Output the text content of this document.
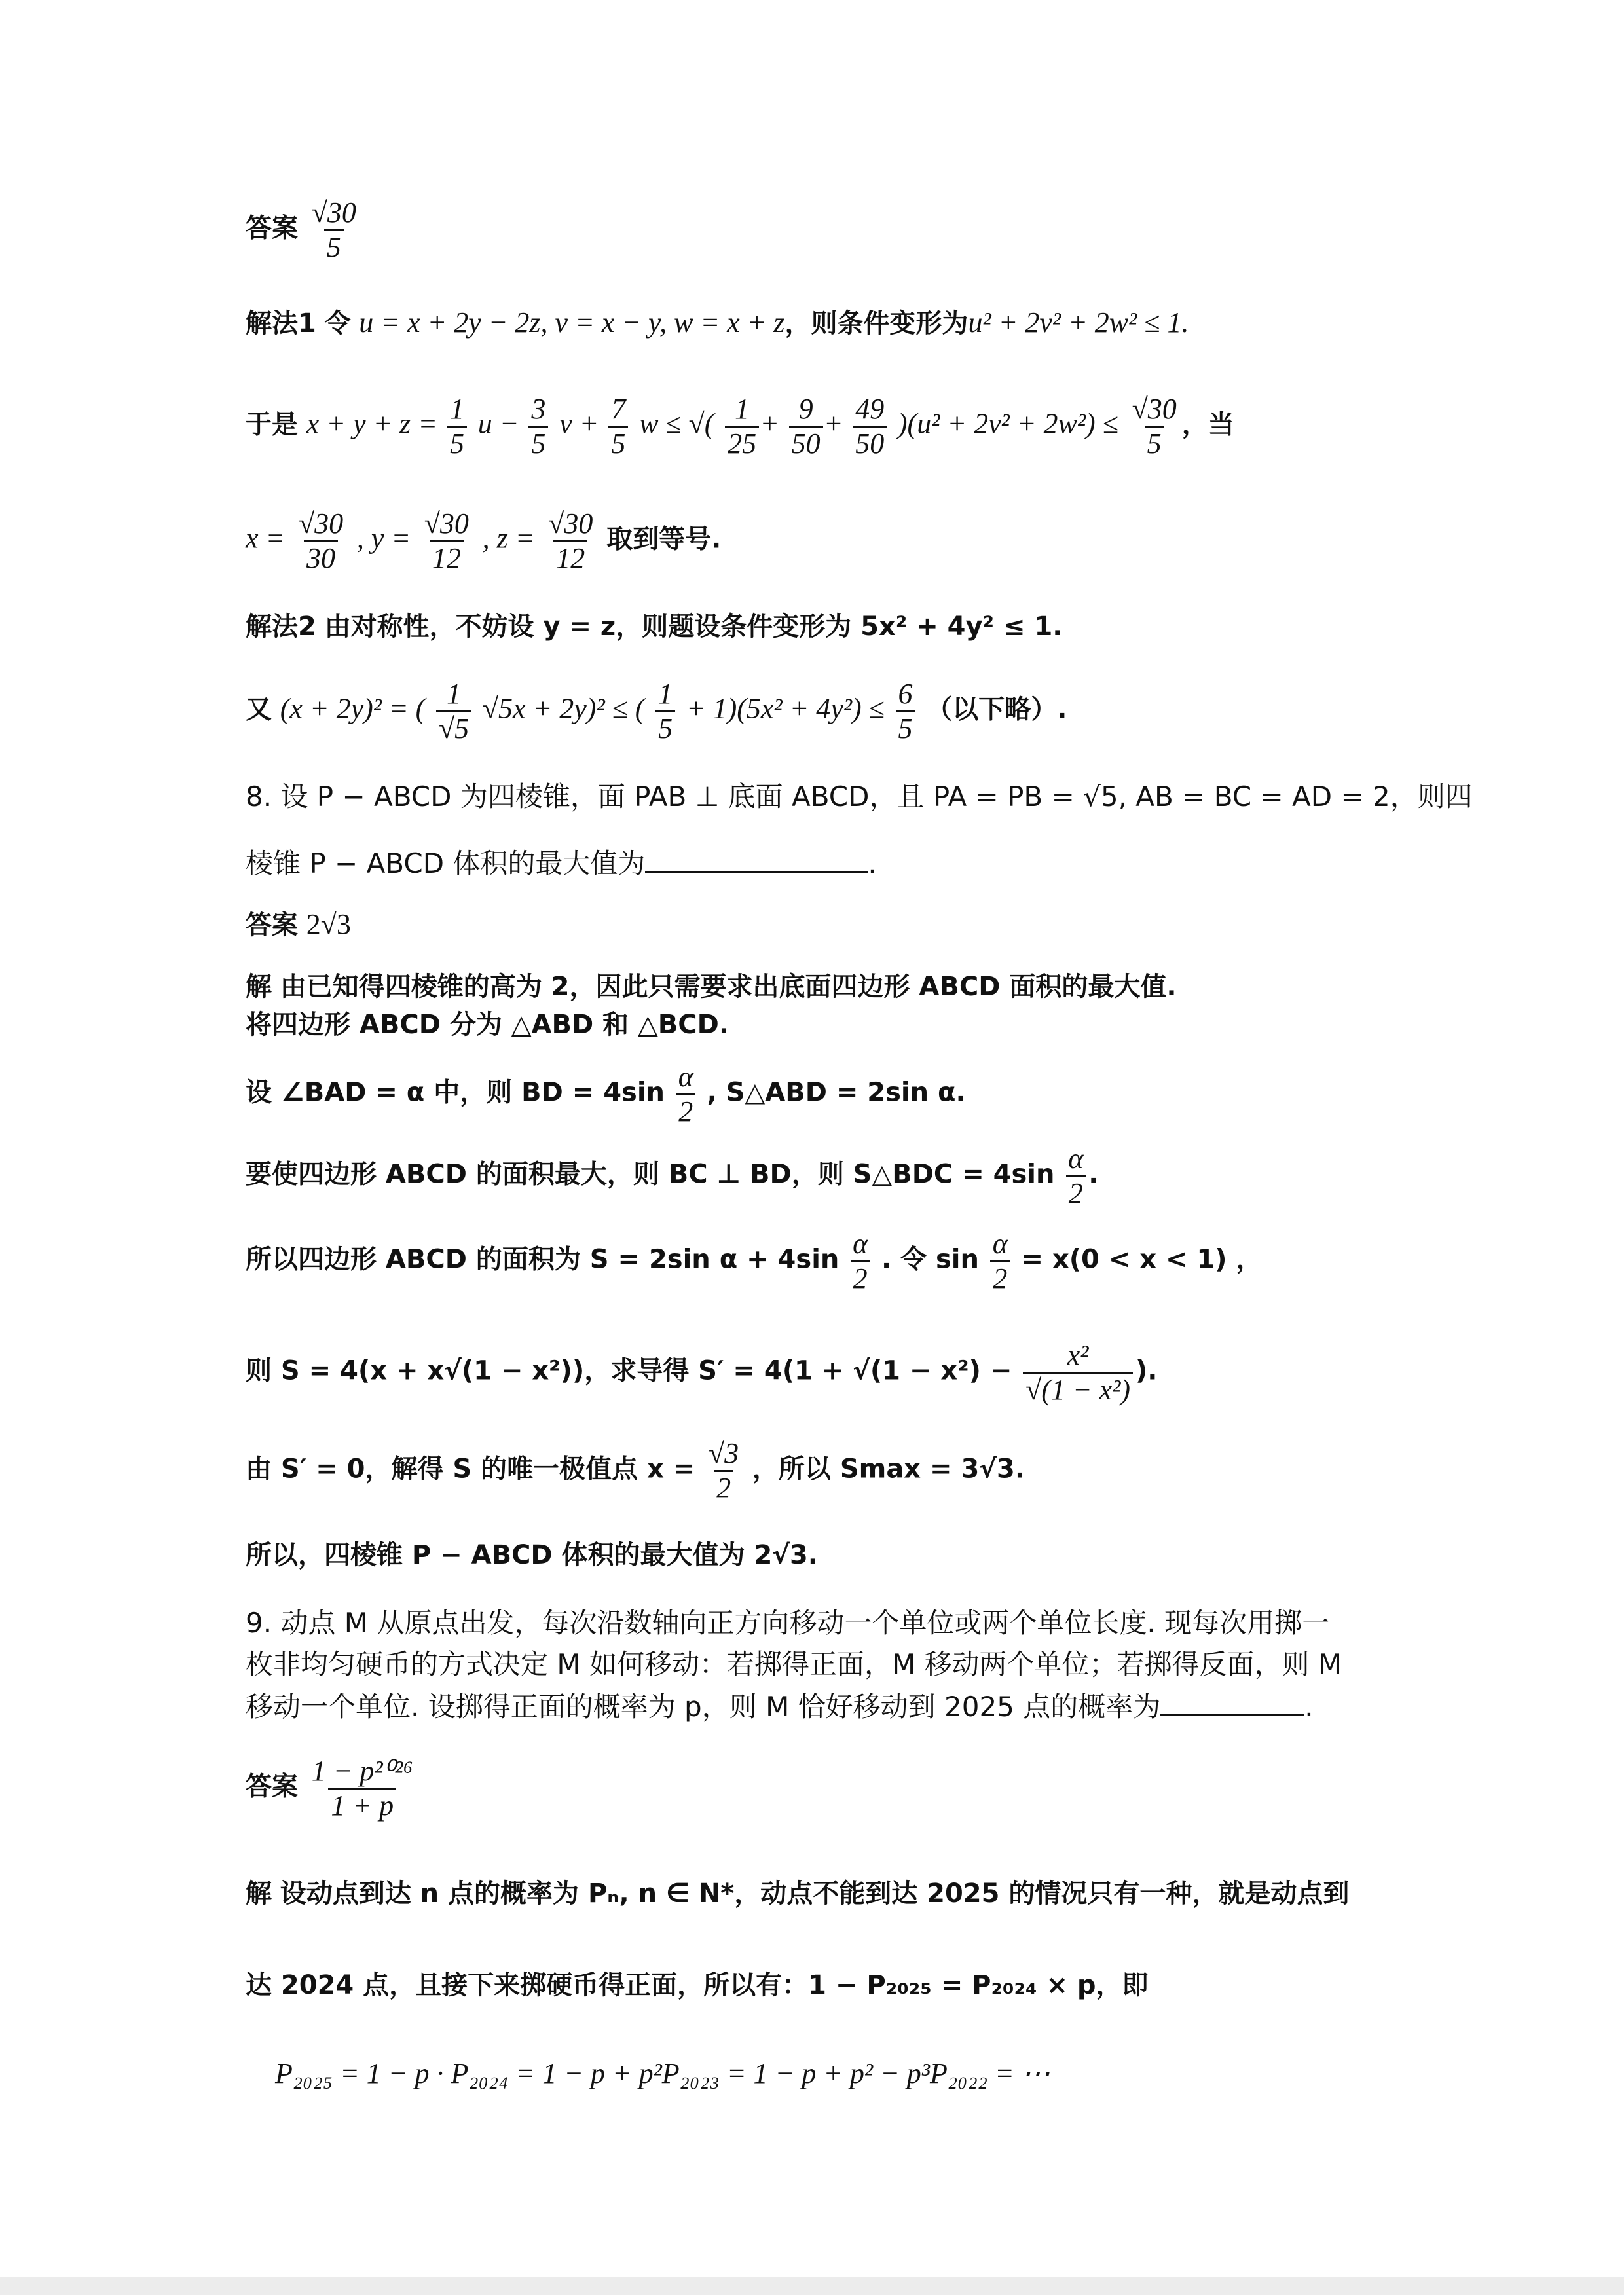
答案 $\frac{√30}{5}$
解法1 令 u = x + 2y − 2z, v = x − y, w = x + z，则条件变形为u² + 2v² + 2w² ≤ 1.
于是 $x + y + z = \frac{1}{5}$ $u - \frac{3}{5}$ $v + \frac{7}{5}$ w ≤ √( $\frac{1}{25} + \frac{9}{50} + \frac{49}{50} )(u^2 + 2v^2 + 2w^2) \le \frac{√30}{5}$ ，当
$x = \frac{√30}{30}$ , $y = \frac{√30}{12}$ , $z = \frac{√30}{12}$ 取到等号.
解法2 由对称性，不妨设 y = z，则题设条件变形为 5x² + 4y² ≤ 1.
又 (x + 2y)² = ( $\frac{1}{√5} √5x + 2y)^2$ ≤ ( $\frac{1}{5} + 1)(5x^2 + 4y^2) \le \frac{6}{5}$ （以下略）.
8. 设 P − ABCD 为四棱锥，面 PAB ⊥ 底面 ABCD，且 PA = PB = √5, AB = BC = AD = 2，则四
棱锥 P − ABCD 体积的最大值为	.
答案 2√3
解 由已知得四棱锥的高为 2，因此只需要求出底面四边形 ABCD 面积的最大值.
将四边形 ABCD 分为 △ABD 和 △BCD.
设 ∠BAD = α 中，则 BD = $4\sin \frac{\alpha}{2}$ , S△ABD = 2sin α.
要使四边形 ABCD 的面积最大，则 BC ⊥ BD，则 S△BDC = $4\sin \frac{\alpha}{2}$ .
所以四边形 ABCD 的面积为 S = 2sin $\alpha + 4\sin \frac{\alpha}{2}$ . 令 $\sin \frac{\alpha}{2} = x(0 < x < 1)$ ，
则 S = 4(x + x√(1 − x²))，求导得 $S' = 4(1 + √(1 - x^2) - \frac{\text{x²}}{\text{√(1 − x²)}}$ ).
由 S′ = 0，解得 S 的唯一极值点 $x = \frac{√3}{2}$ ，所以 Smax = 3√3.
所以，四棱锥 P − ABCD 体积的最大值为 2√3.
9. 动点 M 从原点出发，每次沿数轴向正方向移动一个单位或两个单位长度. 现每次用掷一
枚非均匀硬币的方式决定 M 如何移动：若掷得正面，M 移动两个单位；若掷得反面，则 M
移动一个单位. 设掷得正面的概率为 p，则 M 恰好移动到 2025 点的概率为	.
答案 $\frac{\text{1 − p²⁰²⁶}}{1 + p}$
解 设动点到达 n 点的概率为 Pₙ, n ∈ N*，动点不能到达 2025 的情况只有一种，就是动点到
达 2024 点，且接下来掷硬币得正面，所以有：1 − P₂₀₂₅ = P₂₀₂₄ × p，即
P₂₀₂₅ = 1 − p · P₂₀₂₄ = 1 − p + p²P₂₀₂₃ = 1 − p + p² − p³P₂₀₂₂ = ⋯
